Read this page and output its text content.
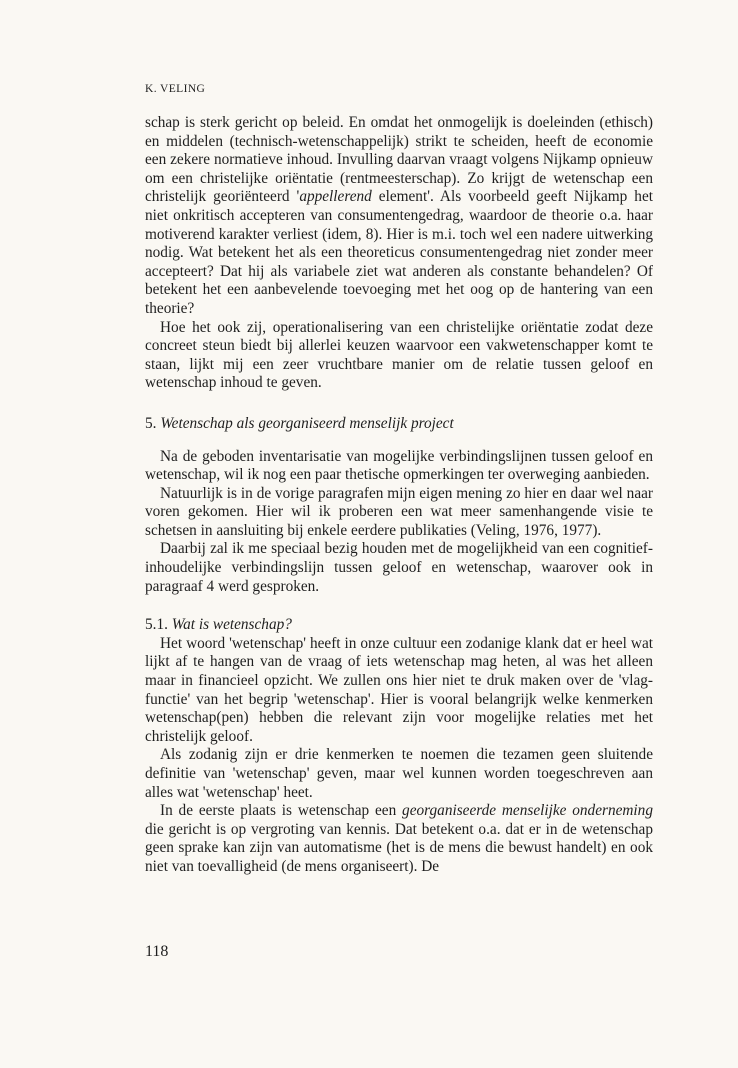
K. VELING

schap is sterk gericht op beleid. En omdat het onmogelijk is doeleinden (ethisch) en middelen (technisch-wetenschappelijk) strikt te scheiden, heeft de economie een zekere normatieve inhoud. Invulling daarvan vraagt volgens Nijkamp opnieuw om een christelijke oriëntatie (rentmeesterschap). Zo krijgt de wetenschap een christelijk georiënteerd 'appellerend element'. Als voorbeeld geeft Nijkamp het niet onkritisch accepteren van consumentengedrag, waardoor de theorie o.a. haar motiverend karakter verliest (idem, 8). Hier is m.i. toch wel een nadere uitwerking nodig. Wat betekent het als een theoreticus consumentengedrag niet zonder meer accepteert? Dat hij als variabele ziet wat anderen als constante behandelen? Of betekent het een aanbevelende toevoeging met het oog op de hantering van een theorie?

Hoe het ook zij, operationalisering van een christelijke oriëntatie zodat deze concreet steun biedt bij allerlei keuzen waarvoor een vakwetenschapper komt te staan, lijkt mij een zeer vruchtbare manier om de relatie tussen geloof en wetenschap inhoud te geven.

5. Wetenschap als georganiseerd menselijk project

Na de geboden inventarisatie van mogelijke verbindingslijnen tussen geloof en wetenschap, wil ik nog een paar thetische opmerkingen ter overweging aanbieden.

Natuurlijk is in de vorige paragrafen mijn eigen mening zo hier en daar wel naar voren gekomen. Hier wil ik proberen een wat meer samenhangende visie te schetsen in aansluiting bij enkele eerdere publikaties (Veling, 1976, 1977).

Daarbij zal ik me speciaal bezig houden met de mogelijkheid van een cognitief-inhoudelijke verbindingslijn tussen geloof en wetenschap, waarover ook in paragraaf 4 werd gesproken.

5.1. Wat is wetenschap?

Het woord 'wetenschap' heeft in onze cultuur een zodanige klank dat er heel wat lijkt af te hangen van de vraag of iets wetenschap mag heten, al was het alleen maar in financieel opzicht. We zullen ons hier niet te druk maken over de 'vlag-functie' van het begrip 'wetenschap'. Hier is vooral belangrijk welke kenmerken wetenschap(pen) hebben die relevant zijn voor mogelijke relaties met het christelijk geloof.

Als zodanig zijn er drie kenmerken te noemen die tezamen geen sluitende definitie van 'wetenschap' geven, maar wel kunnen worden toegeschreven aan alles wat 'wetenschap' heet.

In de eerste plaats is wetenschap een georganiseerde menselijke onderneming die gericht is op vergroting van kennis. Dat betekent o.a. dat er in de wetenschap geen sprake kan zijn van automatisme (het is de mens die bewust handelt) en ook niet van toevalligheid (de mens organiseert). De

118
